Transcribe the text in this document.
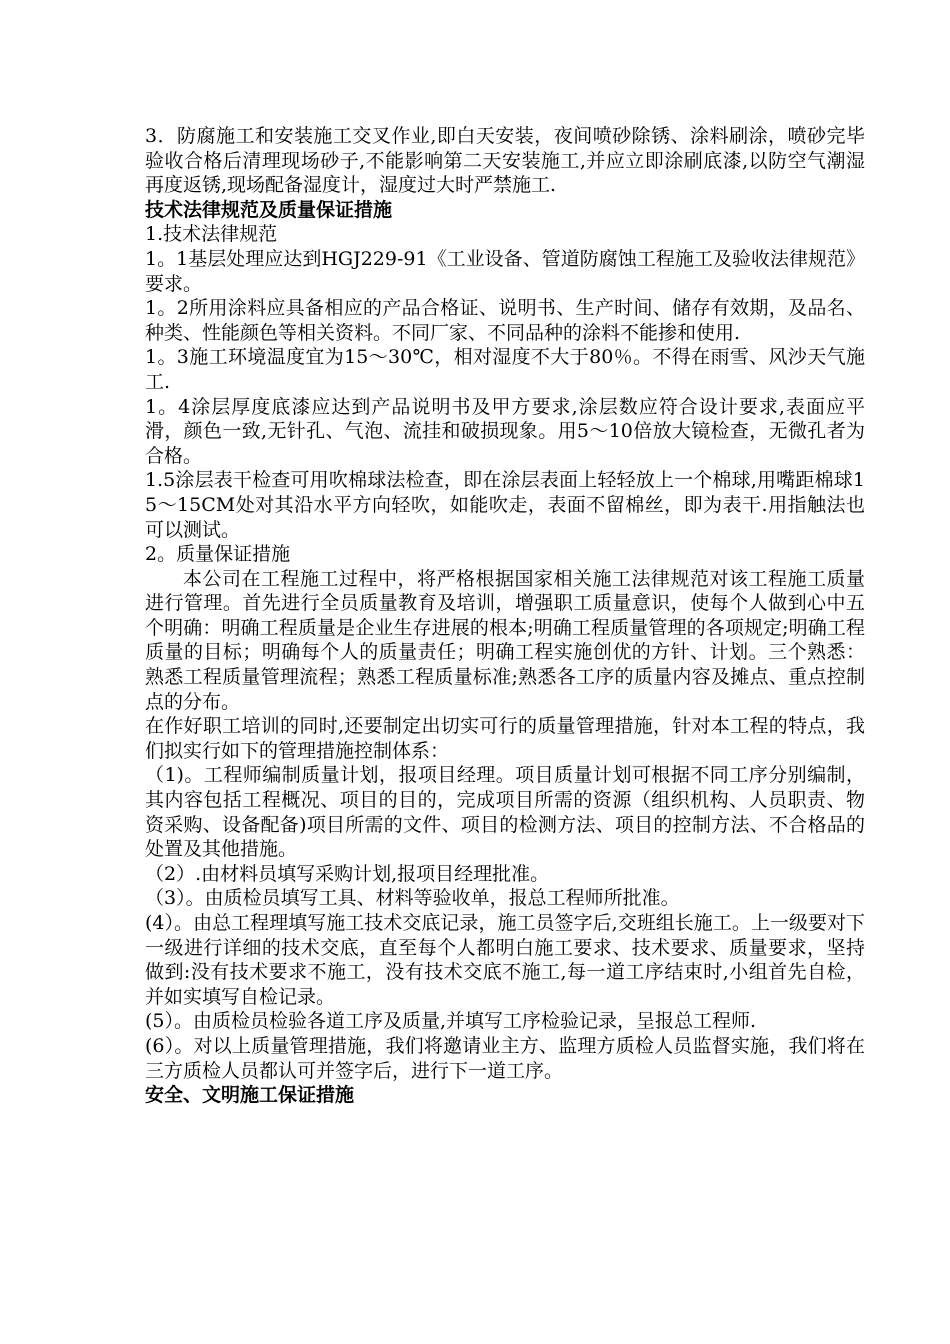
3．防腐施工和安装施工交叉作业,即白天安装，夜间喷砂除锈、涂料刷涂，喷砂完毕验收合格后清理现场砂子,不能影响第二天安装施工,并应立即涂刷底漆,以防空气潮湿再度返锈,现场配备湿度计，湿度过大时严禁施工.

技术法律规范及质量保证措施

1.技术法律规范

1。1基层处理应达到HGJ229-91《工业设备、管道防腐蚀工程施工及验收法律规范》要求。

1。2所用涂料应具备相应的产品合格证、说明书、生产时间、储存有效期，及品名、种类、性能颜色等相关资料。不同厂家、不同品种的涂料不能掺和使用.

1。3施工环境温度宜为15～30℃，相对湿度不大于80％。不得在雨雪、风沙天气施工.

1。4涂层厚度底漆应达到产品说明书及甲方要求,涂层数应符合设计要求,表面应平滑，颜色一致,无针孔、气泡、流挂和破损现象。用5～10倍放大镜检查，无微孔者为合格。

1.5涂层表干检查可用吹棉球法检查，即在涂层表面上轻轻放上一个棉球,用嘴距棉球15～15CM处对其沿水平方向轻吹，如能吹走，表面不留棉丝，即为表干.用指触法也可以测试。

2。质量保证措施

本公司在工程施工过程中，将严格根据国家相关施工法律规范对该工程施工质量进行管理。首先进行全员质量教育及培训，增强职工质量意识，使每个人做到心中五个明确：明确工程质量是企业生存进展的根本;明确工程质量管理的各项规定;明确工程质量的目标；明确每个人的质量责任；明确工程实施创优的方针、计划。三个熟悉：熟悉工程质量管理流程；熟悉工程质量标准;熟悉各工序的质量内容及摊点、重点控制点的分布。

在作好职工培训的同时,还要制定出切实可行的质量管理措施，针对本工程的特点，我们拟实行如下的管理措施控制体系：

（1)。工程师编制质量计划，报项目经理。项目质量计划可根据不同工序分别编制，其内容包括工程概况、项目的目的，完成项目所需的资源（组织机构、人员职责、物资采购、设备配备)项目所需的文件、项目的检测方法、项目的控制方法、不合格品的处置及其他措施。

（2）.由材料员填写采购计划,报项目经理批准。

（3）。由质检员填写工具、材料等验收单，报总工程师所批准。

(4）。由总工程理填写施工技术交底记录，施工员签字后,交班组长施工。上一级要对下一级进行详细的技术交底，直至每个人都明白施工要求、技术要求、质量要求，坚持做到:没有技术要求不施工，没有技术交底不施工,每一道工序结束时,小组首先自检，并如实填写自检记录。

(5）。由质检员检验各道工序及质量,并填写工序检验记录，呈报总工程师.

(6）。对以上质量管理措施，我们将邀请业主方、监理方质检人员监督实施，我们将在三方质检人员都认可并签字后，进行下一道工序。

安全、文明施工保证措施
